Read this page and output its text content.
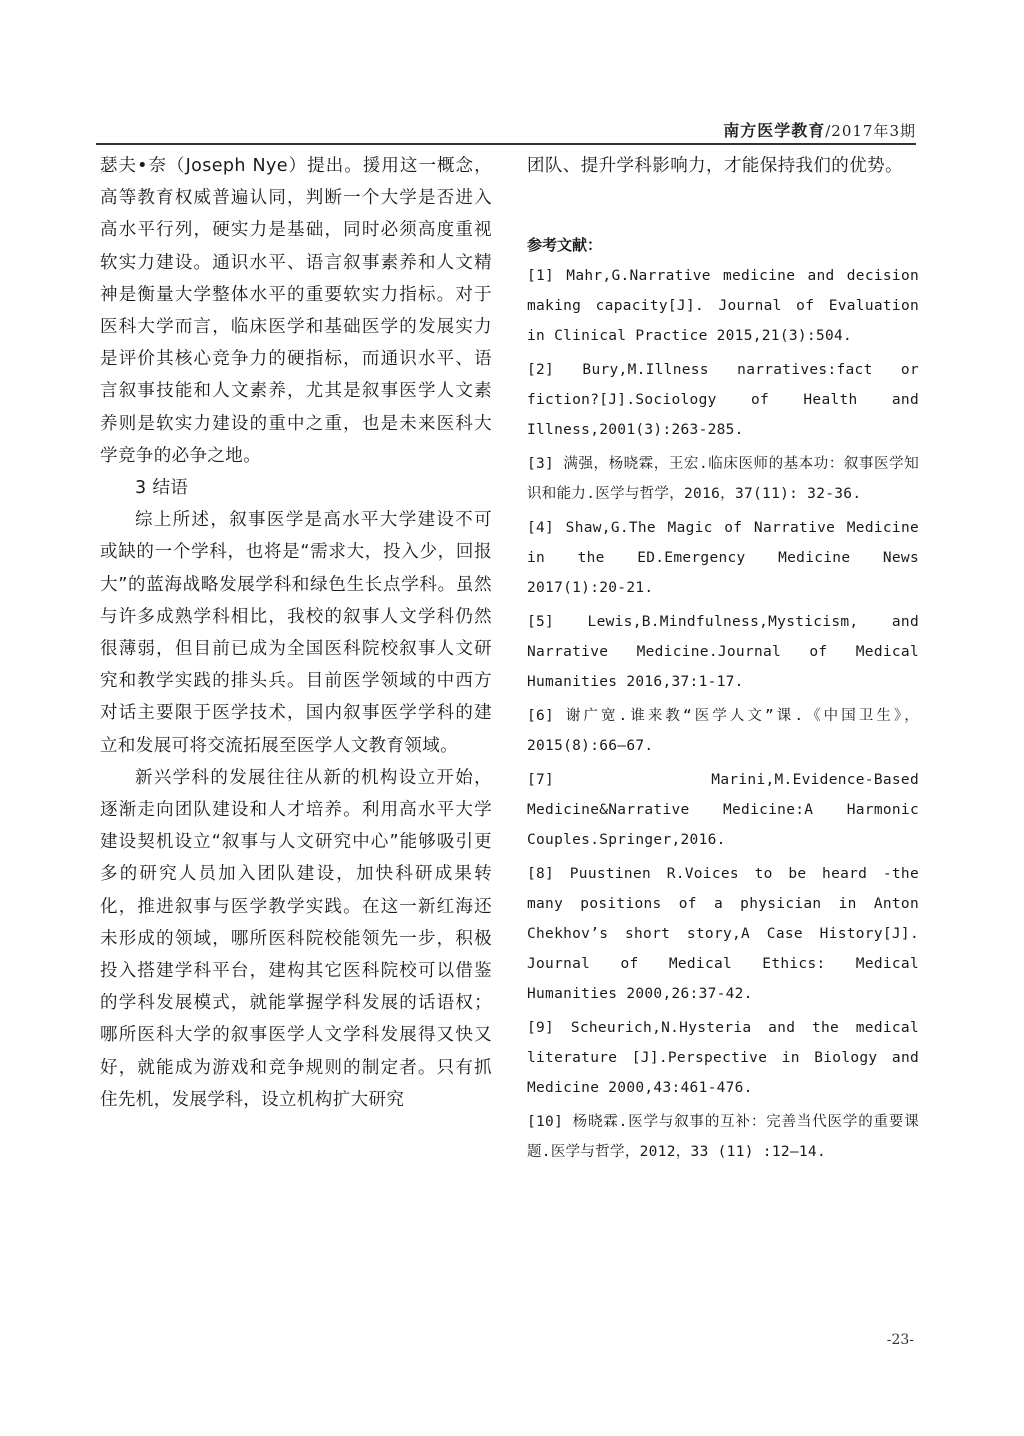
南方医学教育/2017年3期

瑟夫•奈（Joseph Nye）提出。援用这一概念，高等教育权威普遍认同，判断一个大学是否进入高水平行列，硬实力是基础，同时必须高度重视软实力建设。通识水平、语言叙事素养和人文精神是衡量大学整体水平的重要软实力指标。对于医科大学而言，临床医学和基础医学的发展实力是评价其核心竞争力的硬指标，而通识水平、语言叙事技能和人文素养，尤其是叙事医学人文素养则是软实力建设的重中之重，也是未来医科大学竞争的必争之地。

3 结语

综上所述，叙事医学是高水平大学建设不可或缺的一个学科，也将是“需求大，投入少，回报大”的蓝海战略发展学科和绿色生长点学科。虽然与许多成熟学科相比，我校的叙事人文学科仍然很薄弱，但目前已成为全国医科院校叙事人文研究和教学实践的排头兵。目前医学领域的中西方对话主要限于医学技术，国内叙事医学学科的建立和发展可将交流拓展至医学人文教育领域。

新兴学科的发展往往从新的机构设立开始，逐渐走向团队建设和人才培养。利用高水平大学建设契机设立“叙事与人文研究中心”能够吸引更多的研究人员加入团队建设，加快科研成果转化，推进叙事与医学教学实践。在这一新红海还未形成的领域，哪所医科院校能领先一步，积极投入搭建学科平台，建构其它医科院校可以借鉴的学科发展模式，就能掌握学科发展的话语权；哪所医科大学的叙事医学人文学科发展得又快又好，就能成为游戏和竞争规则的制定者。只有抓住先机，发展学科，设立机构扩大研究

团队、提升学科影响力，才能保持我们的优势。

参考文献：

[1] Mahr,G.Narrative medicine and decision making capacity[J]. Journal of Evaluation in Clinical Practice 2015,21(3):504.

[2] Bury,M.Illness narratives:fact or fiction?[J].Sociology of Health and Illness,2001(3):263-285.

[3] 满强，杨晓霖，王宏.临床医师的基本功：叙事医学知识和能力.医学与哲学，2016，37(11): 32-36.

[4] Shaw,G.The Magic of Narrative Medicine in the ED.Emergency Medicine News 2017(1):20-21.

[5] Lewis,B.Mindfulness,Mysticism, and Narrative Medicine.Journal of Medical Humanities 2016,37:1-17.

[6] 谢广宽.谁来教“医学人文”课.《中国卫生》，2015(8):66—67.

[7] Marini,M.Evidence-Based Medicine&Narrative Medicine:A Harmonic Couples.Springer,2016.

[8] Puustinen R.Voices to be heard -the many positions of a physician in Anton Chekhov’s short story,A Case History[J]. Journal of Medical Ethics: Medical Humanities 2000,26:37-42.

[9] Scheurich,N.Hysteria and the medical literature [J].Perspective in Biology and Medicine 2000,43:461-476.

[10] 杨晓霖.医学与叙事的互补：完善当代医学的重要课题.医学与哲学，2012，33 (11) :12—14.

-23-
